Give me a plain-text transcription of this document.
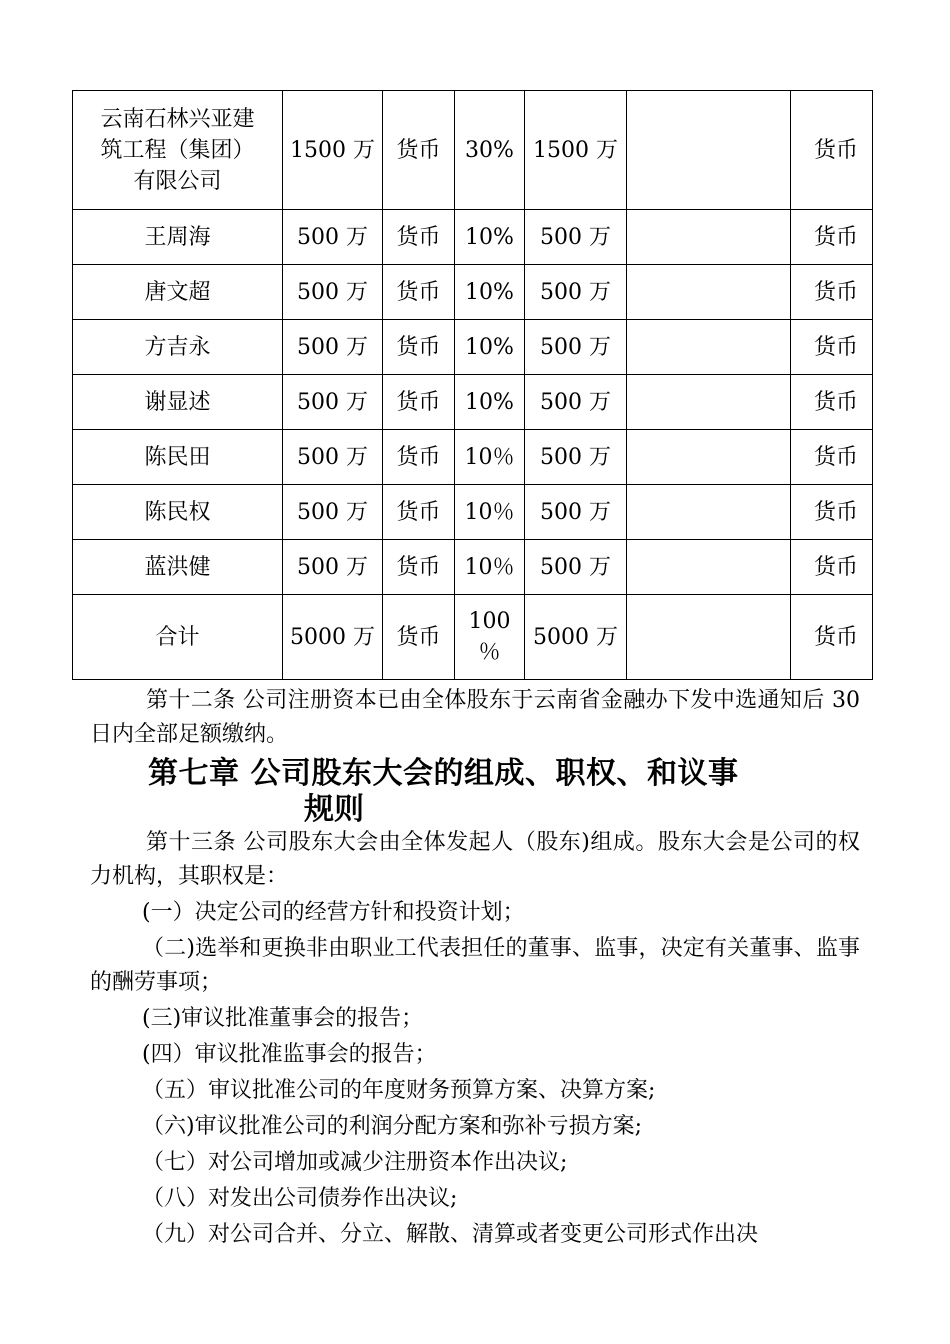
云南石林兴亚建
筑工程（集团）
有限公司	1500 万	货币	30%	1500 万		货币

王周海	500 万	货币	10%	500 万		货币

唐文超	500 万	货币	10%	500 万		货币

方吉永	500 万	货币	10%	500 万		货币

谢显述	500 万	货币	10%	500 万		货币

陈民田	500 万	货币	10％	500 万		货币

陈民权	500 万	货币	10％	500 万		货币

蓝洪健	500 万	货币	10％	500 万		货币

合计	5000 万	货币	100
％	5000 万		货币

第十二条 公司注册资本已由全体股东于云南省金融办下发中选通知后 30 日内全部足额缴纳。

第七章 公司股东大会的组成、职权、和议事
规则

第十三条 公司股东大会由全体发起人（股东)组成。股东大会是公司的权力机构，其职权是：

(一）决定公司的经营方针和投资计划；

（二)选举和更换非由职业工代表担任的董事、监事，决定有关董事、监事的酬劳事项；

(三)审议批准董事会的报告；

(四）审议批准监事会的报告；

（五）审议批准公司的年度财务预算方案、决算方案;

（六)审议批准公司的利润分配方案和弥补亏损方案;

（七）对公司增加或减少注册资本作出决议;

（八）对发出公司债券作出决议;

（九）对公司合并、分立、解散、清算或者变更公司形式作出决
